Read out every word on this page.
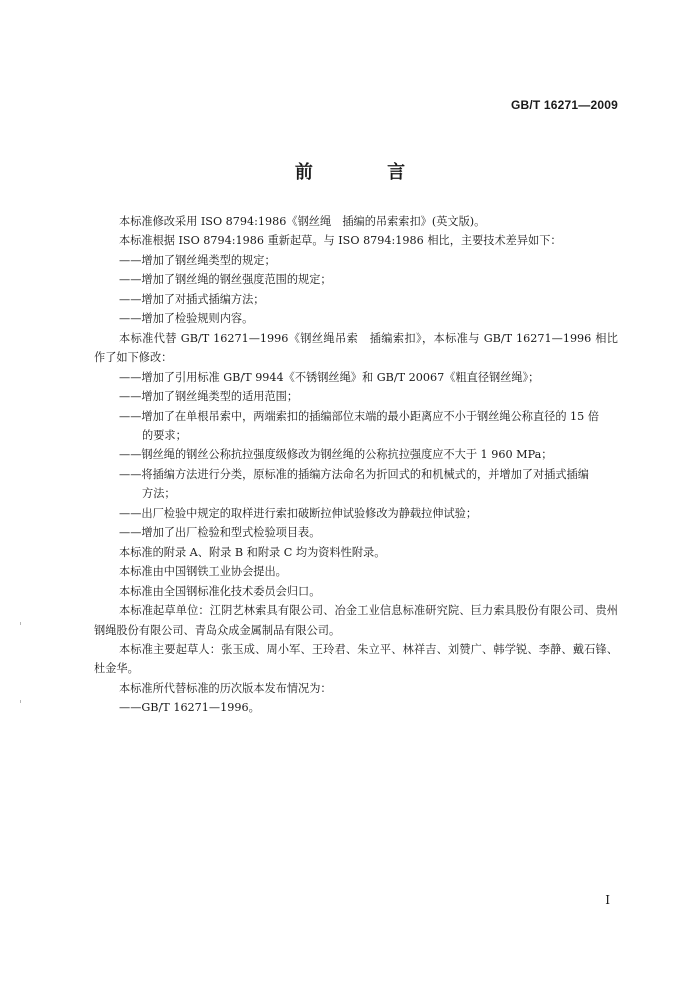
GB/T 16271—2009
前 言

本标准修改采用 ISO 8794:1986《钢丝绳　插编的吊索索扣》(英文版)。

本标准根据 ISO 8794:1986 重新起草。与 ISO 8794:1986 相比，主要技术差异如下：

——增加了钢丝绳类型的规定；

——增加了钢丝绳的钢丝强度范围的规定；

——增加了对插式插编方法；

——增加了检验规则内容。

本标准代替 GB/T 16271—1996《钢丝绳吊索　插编索扣》，本标准与 GB/T 16271—1996 相比作了如下修改：

——增加了引用标准 GB/T 9944《不锈钢丝绳》和 GB/T 20067《粗直径钢丝绳》；

——增加了钢丝绳类型的适用范围；

——增加了在单根吊索中，两端索扣的插编部位末端的最小距离应不小于钢丝绳公称直径的 15 倍

的要求；

——钢丝绳的钢丝公称抗拉强度级修改为钢丝绳的公称抗拉强度应不大于 1 960 MPa；

——将插编方法进行分类，原标准的插编方法命名为折回式的和机械式的，并增加了对插式插编

方法；

——出厂检验中规定的取样进行索扣破断拉伸试验修改为静载拉伸试验；

——增加了出厂检验和型式检验项目表。

本标准的附录 A、附录 B 和附录 C 均为资料性附录。

本标准由中国钢铁工业协会提出。

本标准由全国钢标准化技术委员会归口。

本标准起草单位：江阴艺林索具有限公司、冶金工业信息标准研究院、巨力索具股份有限公司、贵州钢绳股份有限公司、青岛众成金属制品有限公司。

本标准主要起草人：张玉成、周小军、王玲君、朱立平、林祥吉、刘赞广、韩学锐、李静、戴石锋、杜金华。

本标准所代替标准的历次版本发布情况为：

——GB/T 16271—1996。

I
